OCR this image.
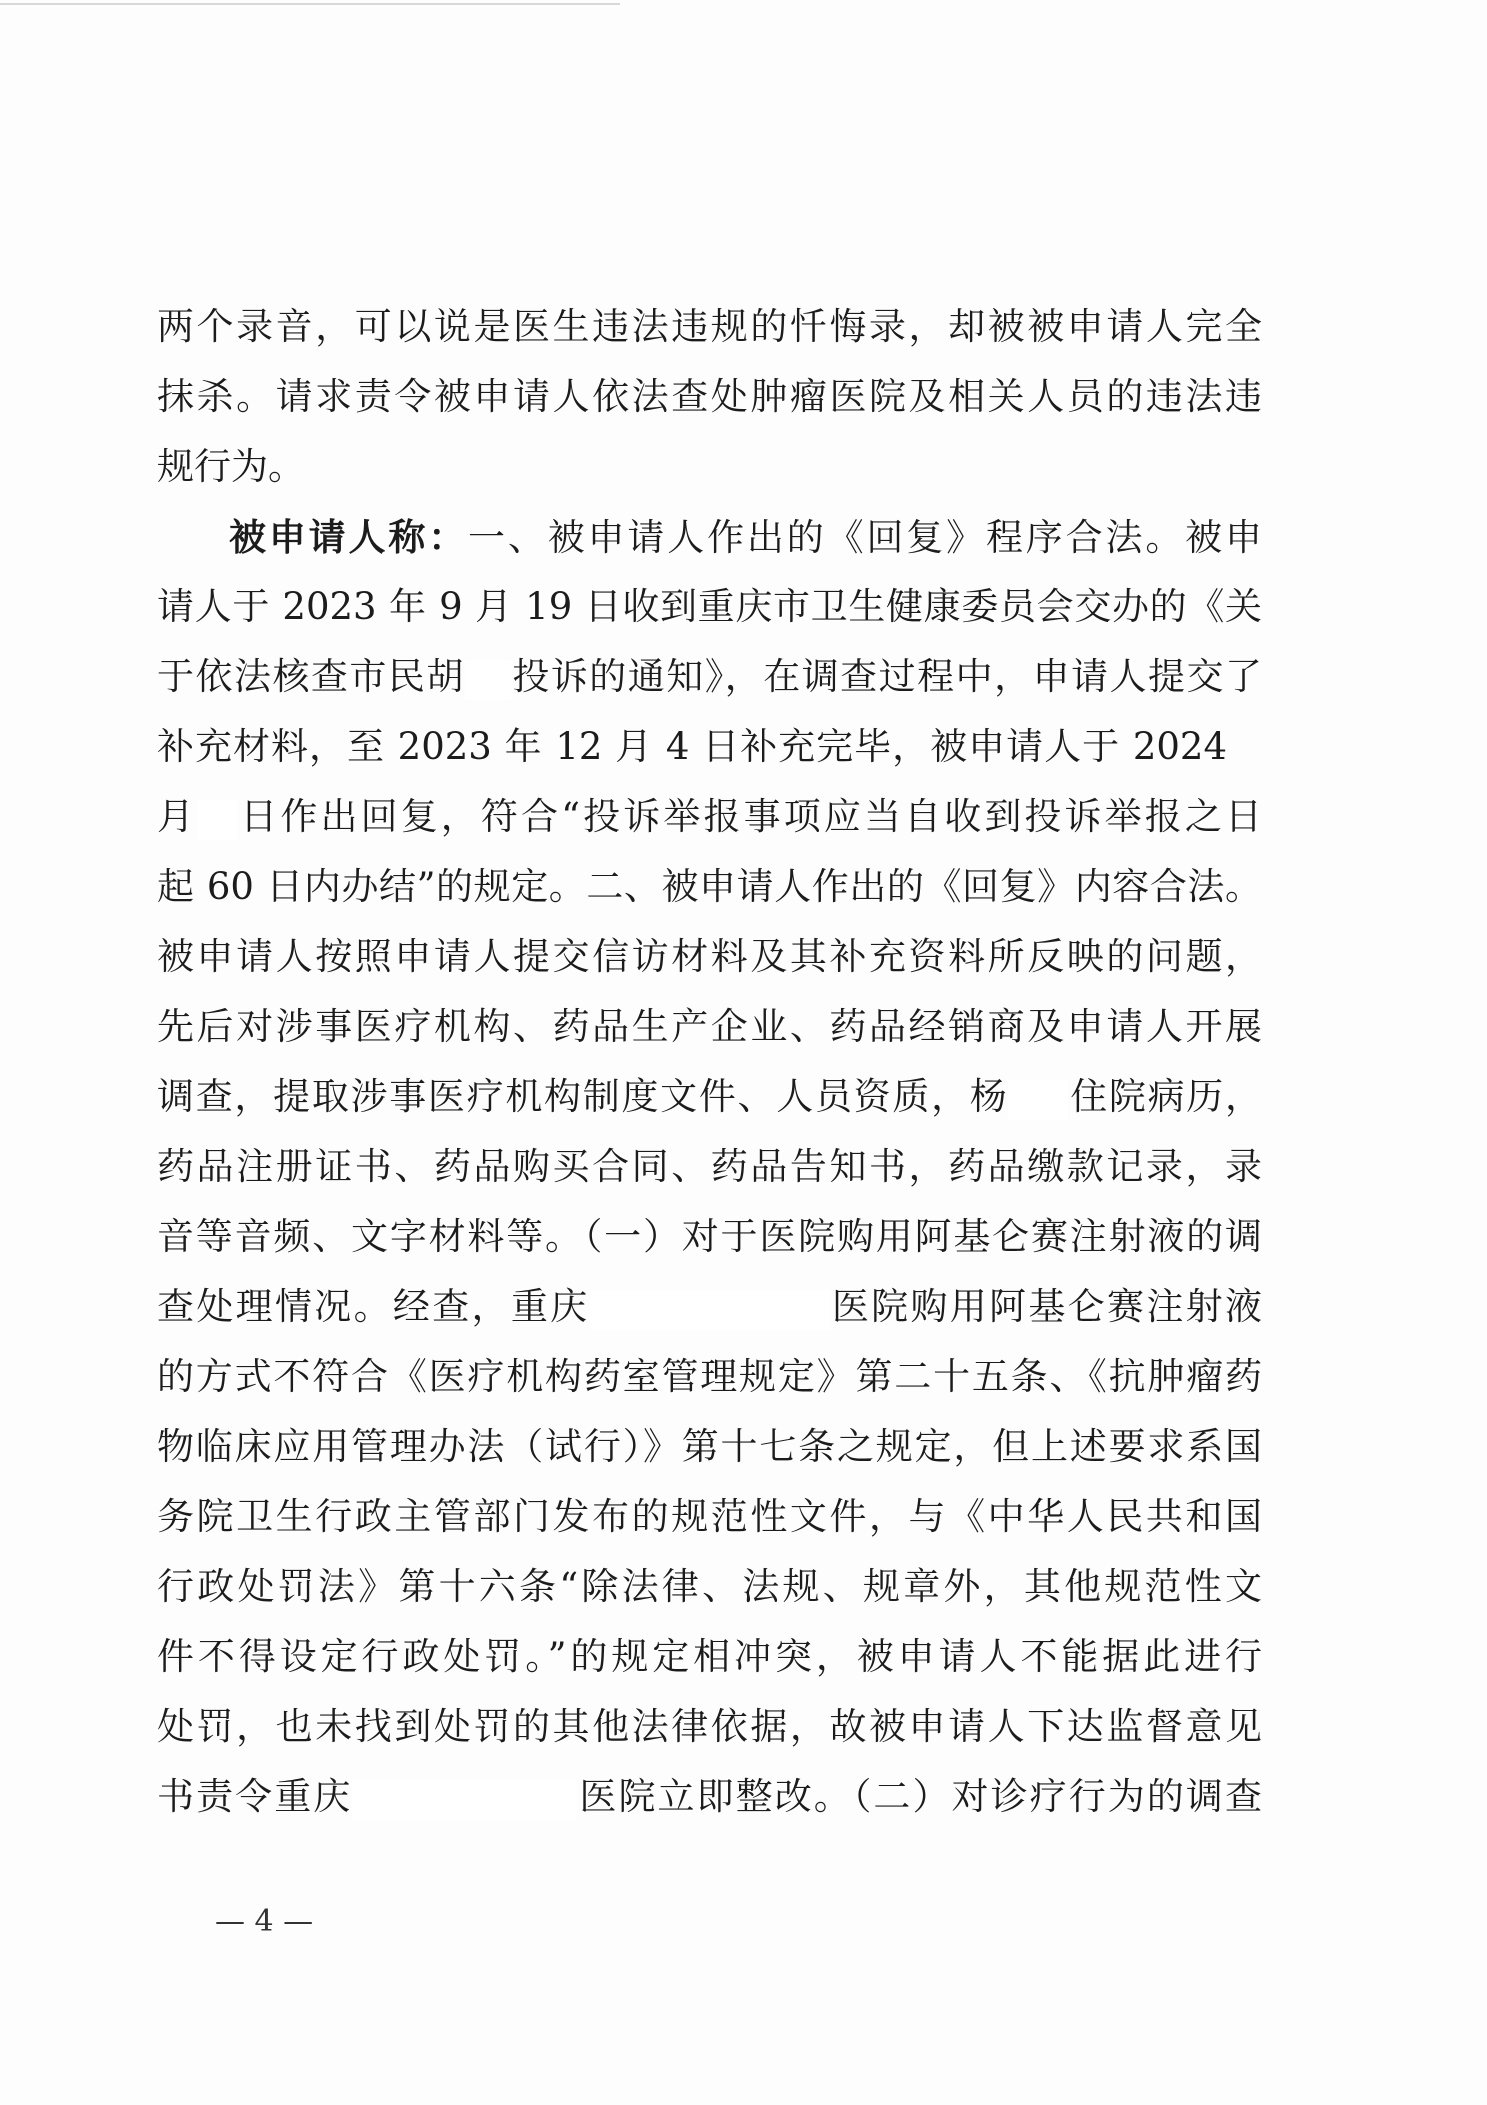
两个录音，可以说是医生违法违规的忏悔录，却被被申请人完全
抹杀。请求责令被申请人依法查处肿瘤医院及相关人员的违法违
规行为。
被申请人称：一、被申请人作出的《回复》程序合法。被申
请人于 2023 年 9 月 19 日收到重庆市卫生健康委员会交办的《关
于依法核查市民胡 投诉的通知》，在调查过程中，申请人提交了
补充材料，至 2023 年 12 月 4 日补充完毕，被申请人于 2024
月 日作出回复，符合“投诉举报事项应当自收到投诉举报之日
起 60 日内办结”的规定。二、被申请人作出的《回复》内容合法。
被申请人按照申请人提交信访材料及其补充资料所反映的问题，
先后对涉事医疗机构、药品生产企业、药品经销商及申请人开展
调查，提取涉事医疗机构制度文件、人员资质，杨 住院病历，
药品注册证书、药品购买合同、药品告知书，药品缴款记录，录
音等音频、文字材料等。（一）对于医院购用阿基仑赛注射液的调
查处理情况。经查，重庆	医院购用阿基仑赛注射液
的方式不符合《医疗机构药室管理规定》第二十五条、《抗肿瘤药
物临床应用管理办法（试行）》第十七条之规定，但上述要求系国
务院卫生行政主管部门发布的规范性文件，与《中华人民共和国
行政处罚法》第十六条“除法律、法规、规章外，其他规范性文
件不得设定行政处罚。”的规定相冲突，被申请人不能据此进行
处罚，也未找到处罚的其他法律依据，故被申请人下达监督意见
书责令重庆	医院立即整改。（二）对诊疗行为的调查
— 4 —
